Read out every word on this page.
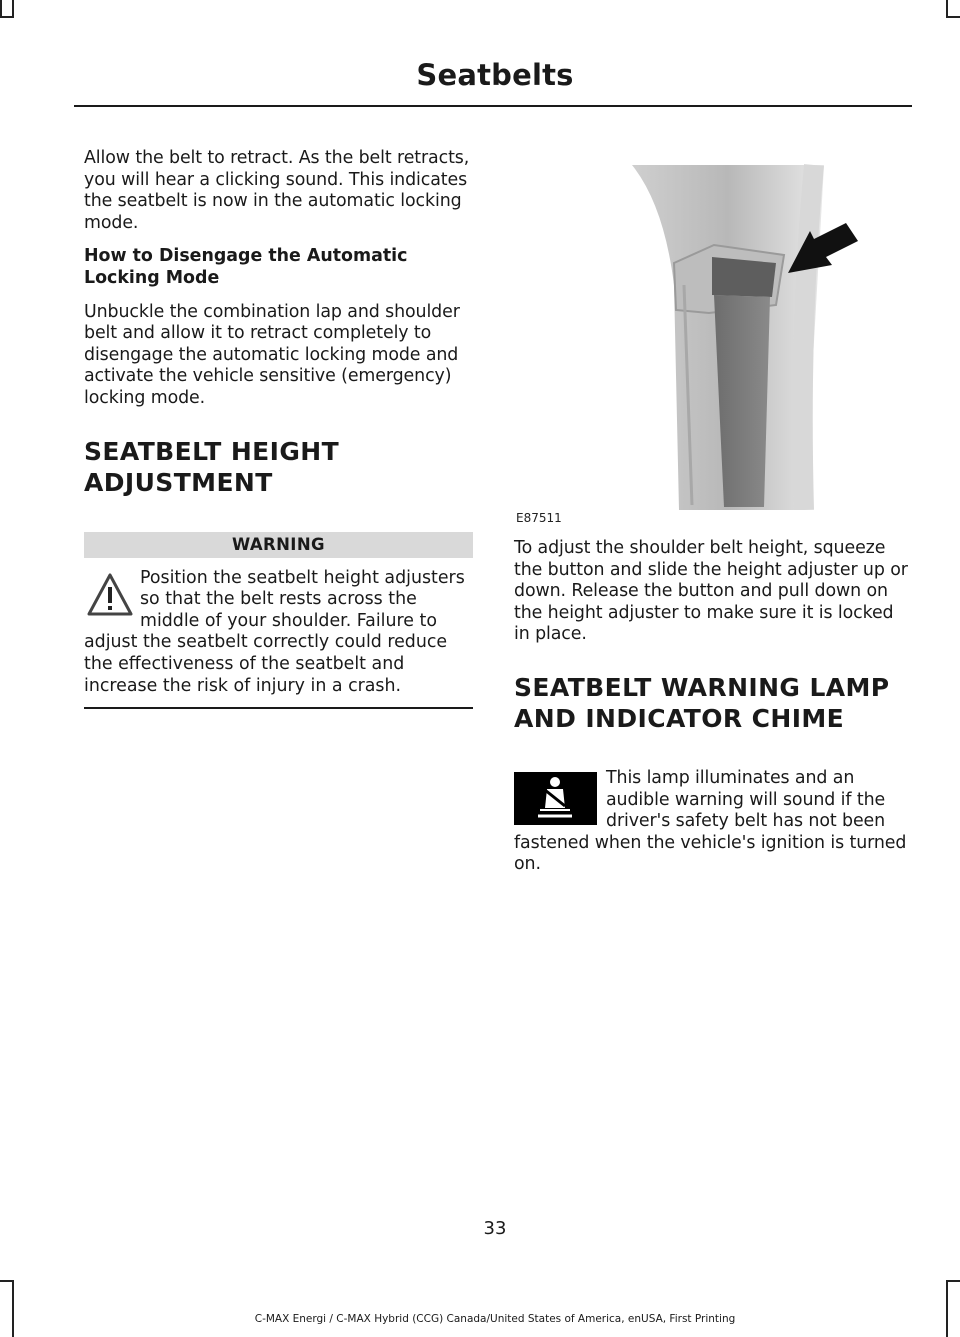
Seatbelts

Allow the belt to retract. As the belt retracts, you will hear a clicking sound. This indicates the seatbelt is now in the automatic locking mode.

How to Disengage the Automatic Locking Mode

Unbuckle the combination lap and shoulder belt and allow it to retract completely to disengage the automatic locking mode and activate the vehicle sensitive (emergency) locking mode.

SEATBELT HEIGHT
ADJUSTMENT
WARNING
Position the seatbelt height adjusters so that the belt rests across the middle of your shoulder. Failure to adjust the seatbelt correctly could reduce the effectiveness of the seatbelt and increase the risk of injury in a crash.
E87511

To adjust the shoulder belt height, squeeze the button and slide the height adjuster up or down. Release the button and pull down on the height adjuster to make sure it is locked in place.

SEATBELT WARNING LAMP
AND INDICATOR CHIME

This lamp illuminates and an audible warning will sound if the driver's safety belt has not been fastened when the vehicle's ignition is turned on.

33
C-MAX Energi / C-MAX Hybrid (CCG) Canada/United States of America, enUSA, First Printing
